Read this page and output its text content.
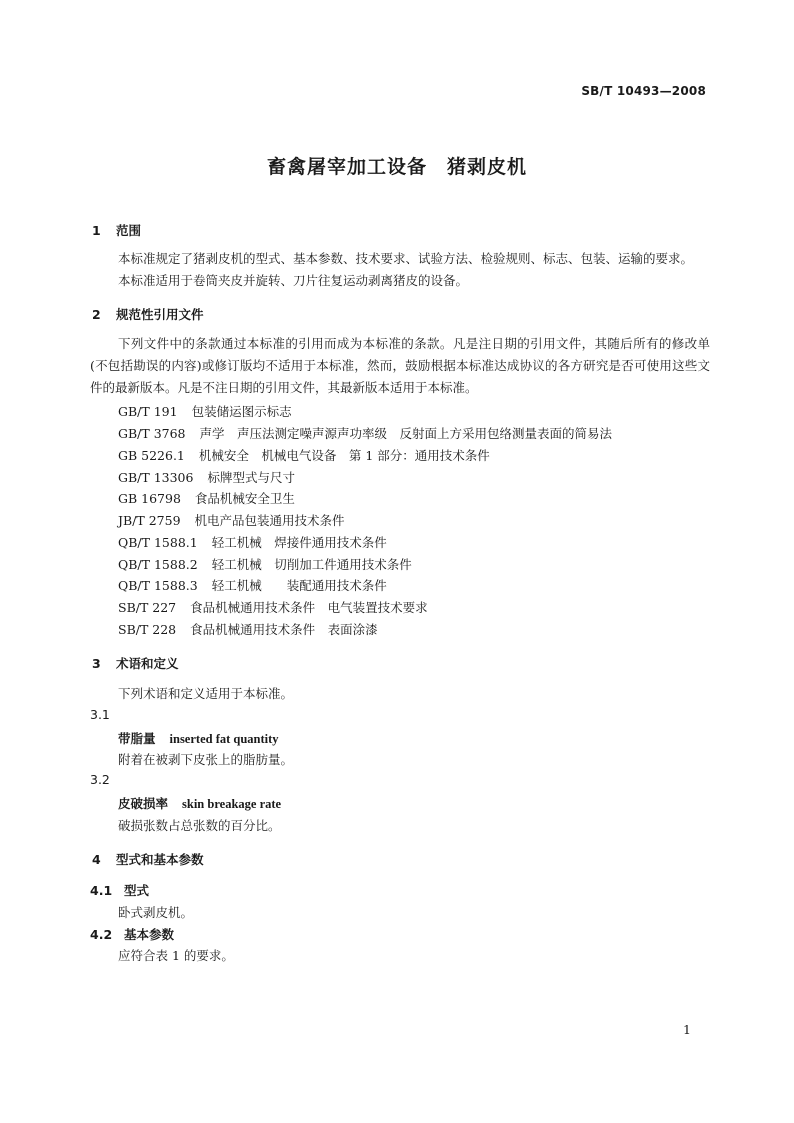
SB/T 10493—2008
畜禽屠宰加工设备　猪剥皮机
1 范围
本标准规定了猪剥皮机的型式、基本参数、技术要求、试验方法、检验规则、标志、包装、运输的要求。
本标准适用于卷筒夹皮并旋转、刀片往复运动剥离猪皮的设备。
2 规范性引用文件
下列文件中的条款通过本标准的引用而成为本标准的条款。凡是注日期的引用文件，其随后所有的修改单(不包括勘误的内容)或修订版均不适用于本标准，然而，鼓励根据本标准达成协议的各方研究是否可使用这些文件的最新版本。凡是不注日期的引用文件，其最新版本适用于本标准。
GB/T 191 包装储运图示标志
GB/T 3768 声学　声压法测定噪声源声功率级　反射面上方采用包络测量表面的简易法
GB 5226.1 机械安全　机械电气设备　第 1 部分：通用技术条件
GB/T 13306 标牌型式与尺寸
GB 16798 食品机械安全卫生
JB/T 2759 机电产品包装通用技术条件
QB/T 1588.1 轻工机械　焊接件通用技术条件
QB/T 1588.2 轻工机械　切削加工件通用技术条件
QB/T 1588.3 轻工机械　　装配通用技术条件
SB/T 227 食品机械通用技术条件　电气装置技术要求
SB/T 228 食品机械通用技术条件　表面涂漆
3 术语和定义
下列术语和定义适用于本标准。
3.1
带脂量 inserted fat quantity
附着在被剥下皮张上的脂肪量。
3.2
皮破损率 skin breakage rate
破损张数占总张数的百分比。
4 型式和基本参数
4.1 型式
卧式剥皮机。
4.2 基本参数
应符合表 1 的要求。
1
